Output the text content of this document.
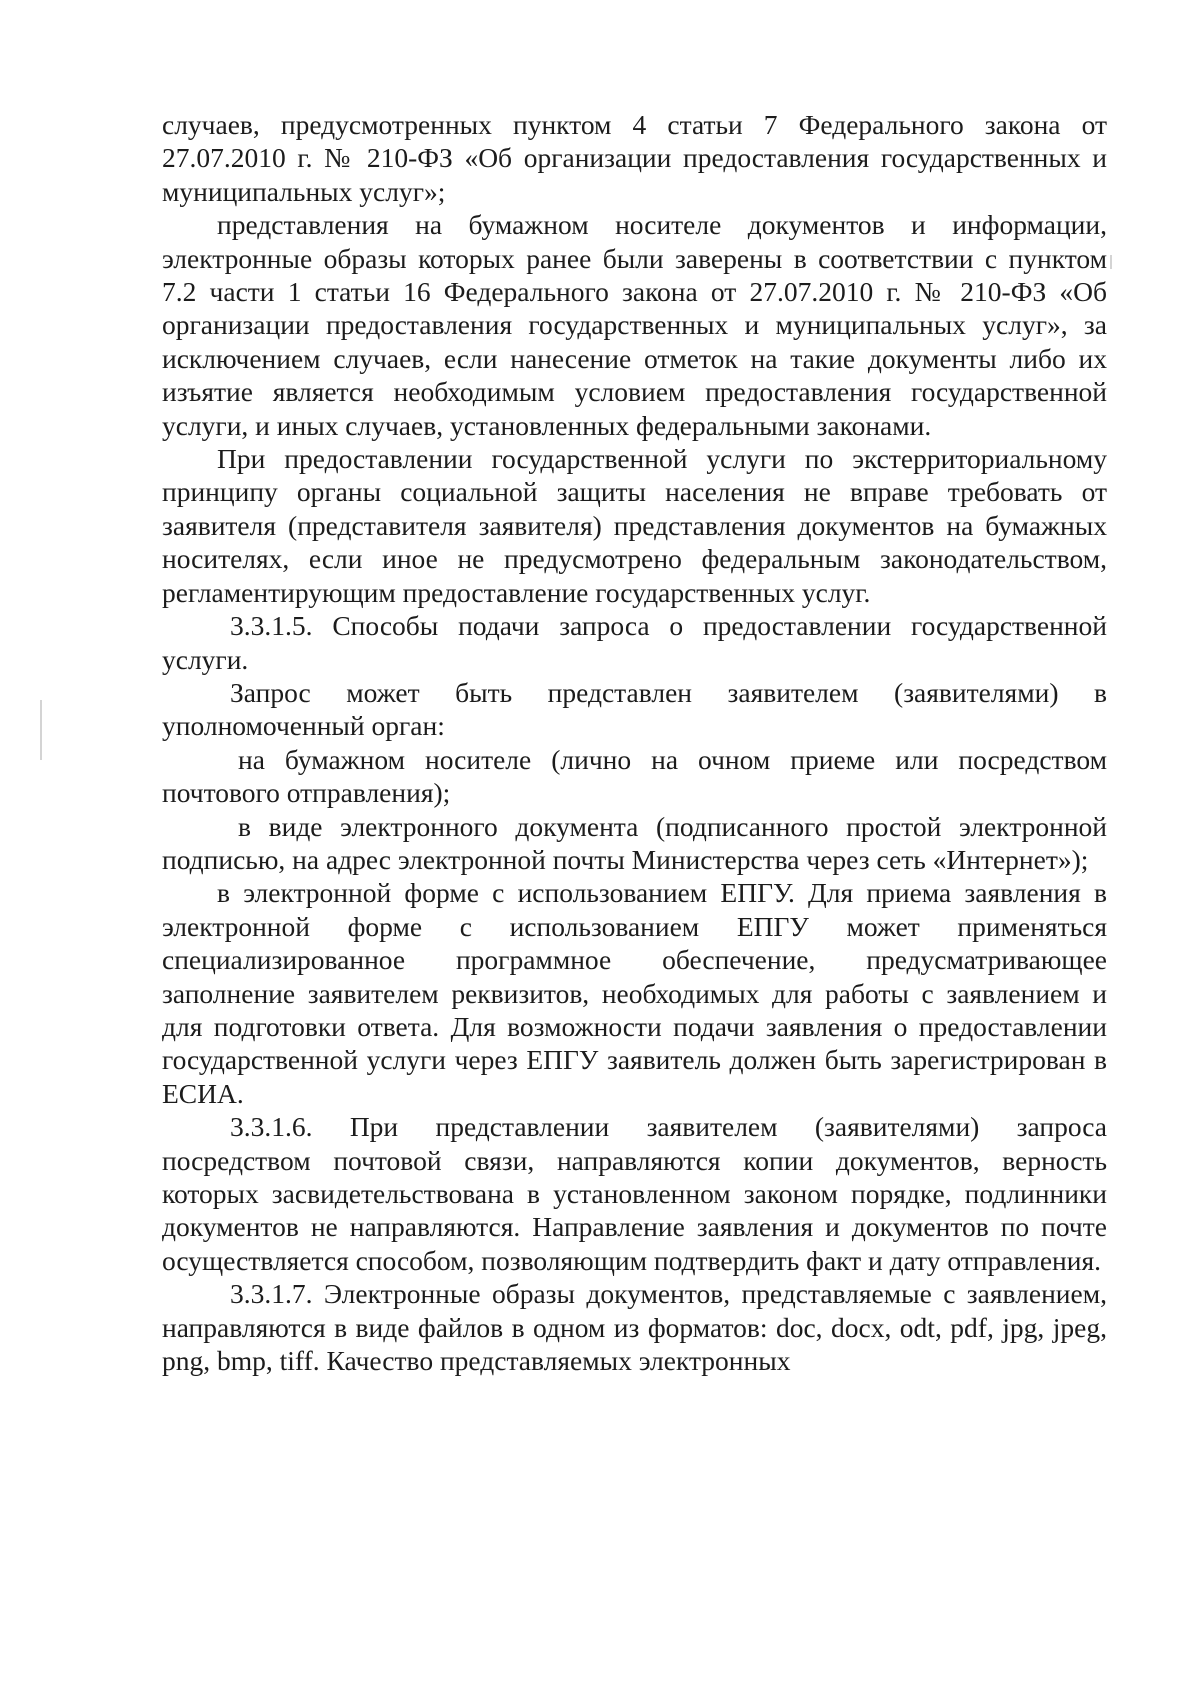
случаев, предусмотренных пунктом 4 статьи 7 Федерального закона от 27.07.2010 г. № 210-ФЗ «Об организации предоставления государственных и муниципальных услуг»;

представления на бумажном носителе документов и информации, электронные образы которых ранее были заверены в соответствии с пунктом 7.2 части 1 статьи 16 Федерального закона от 27.07.2010 г. № 210-ФЗ «Об организации предоставления государственных и муниципальных услуг», за исключением случаев, если нанесение отметок на такие документы либо их изъятие является необходимым условием предоставления государственной услуги, и иных случаев, установленных федеральными законами.

При предоставлении государственной услуги по экстерриториальному принципу органы социальной защиты населения не вправе требовать от заявителя (представителя заявителя) представления документов на бумажных носителях, если иное не предусмотрено федеральным законодательством, регламентирующим предоставление государственных услуг.

3.3.1.5. Способы подачи запроса о предоставлении государственной услуги.

Запрос может быть представлен заявителем (заявителями) в уполномоченный орган:

на бумажном носителе (лично на очном приеме или посредством почтового отправления);

в виде электронного документа (подписанного простой электронной подписью, на адрес электронной почты Министерства через сеть «Интернет»);

в электронной форме с использованием ЕПГУ. Для приема заявления в электронной форме с использованием ЕПГУ может применяться специализированное программное обеспечение, предусматривающее заполнение заявителем реквизитов, необходимых для работы с заявлением и для подготовки ответа. Для возможности подачи заявления о предоставлении государственной услуги через ЕПГУ заявитель должен быть зарегистрирован в ЕСИА.

3.3.1.6. При представлении заявителем (заявителями) запроса посредством почтовой связи, направляются копии документов, верность которых засвидетельствована в установленном законом порядке, подлинники документов не направляются. Направление заявления и документов по почте осуществляется способом, позволяющим подтвердить факт и дату отправления.

3.3.1.7. Электронные образы документов, представляемые с заявлением, направляются в виде файлов в одном из форматов: doc, docx, odt, pdf, jpg, jpeg, png, bmp, tiff. Качество представляемых электронных
